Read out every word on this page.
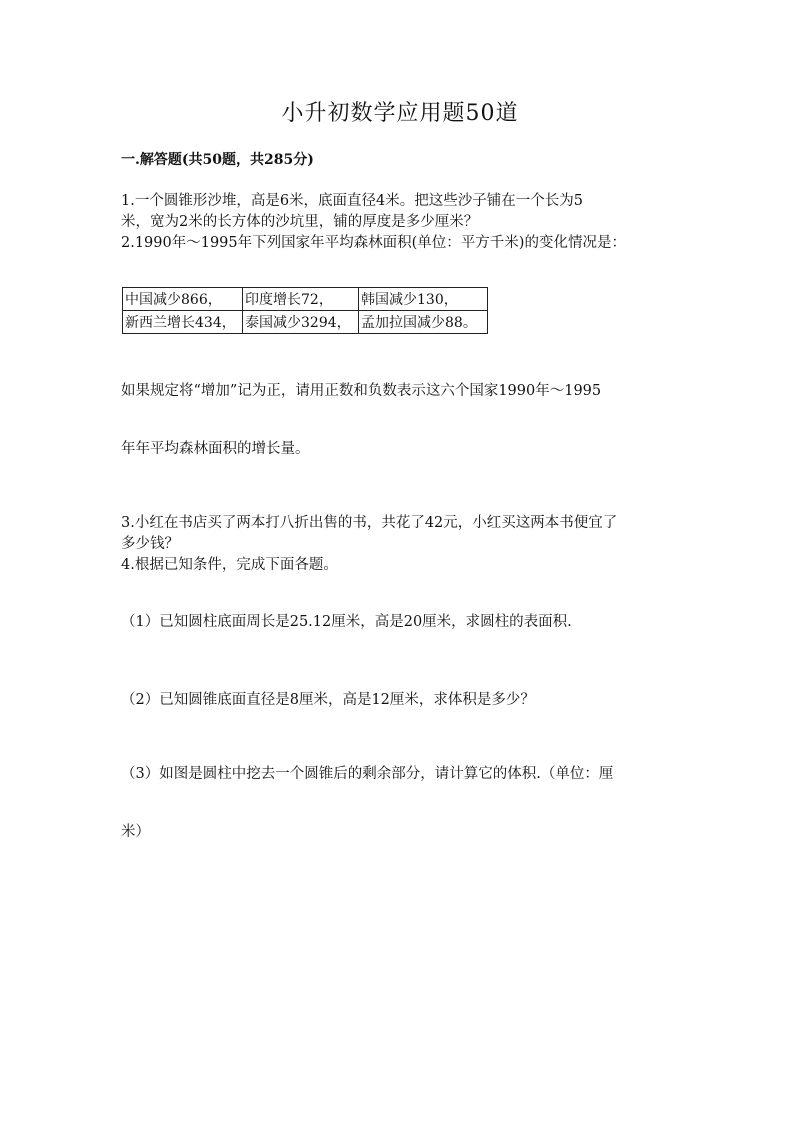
小升初数学应用题50道
一.解答题(共50题，共285分)
1.一个圆锥形沙堆，高是6米，底面直径4米。把这些沙子铺在一个长为5
米，宽为2米的长方体的沙坑里，铺的厚度是多少厘米？
2.1990年～1995年下列国家年平均森林面积(单位：平方千米)的变化情况是：
中国减少866，	印度增长72，	韩国减少130，
新西兰增长434，	泰国减少3294，	孟加拉国减少88。
如果规定将“增加”记为正，请用正数和负数表示这六个国家1990年～1995
年年平均森林面积的增长量。
3.小红在书店买了两本打八折出售的书，共花了42元，小红买这两本书便宜了
多少钱？
4.根据已知条件，完成下面各题。
（1）已知圆柱底面周长是25.12厘米，高是20厘米，求圆柱的表面积.
（2）已知圆锥底面直径是8厘米，高是12厘米，求体积是多少？
（3）如图是圆柱中挖去一个圆锥后的剩余部分，请计算它的体积.（单位：厘
米）
